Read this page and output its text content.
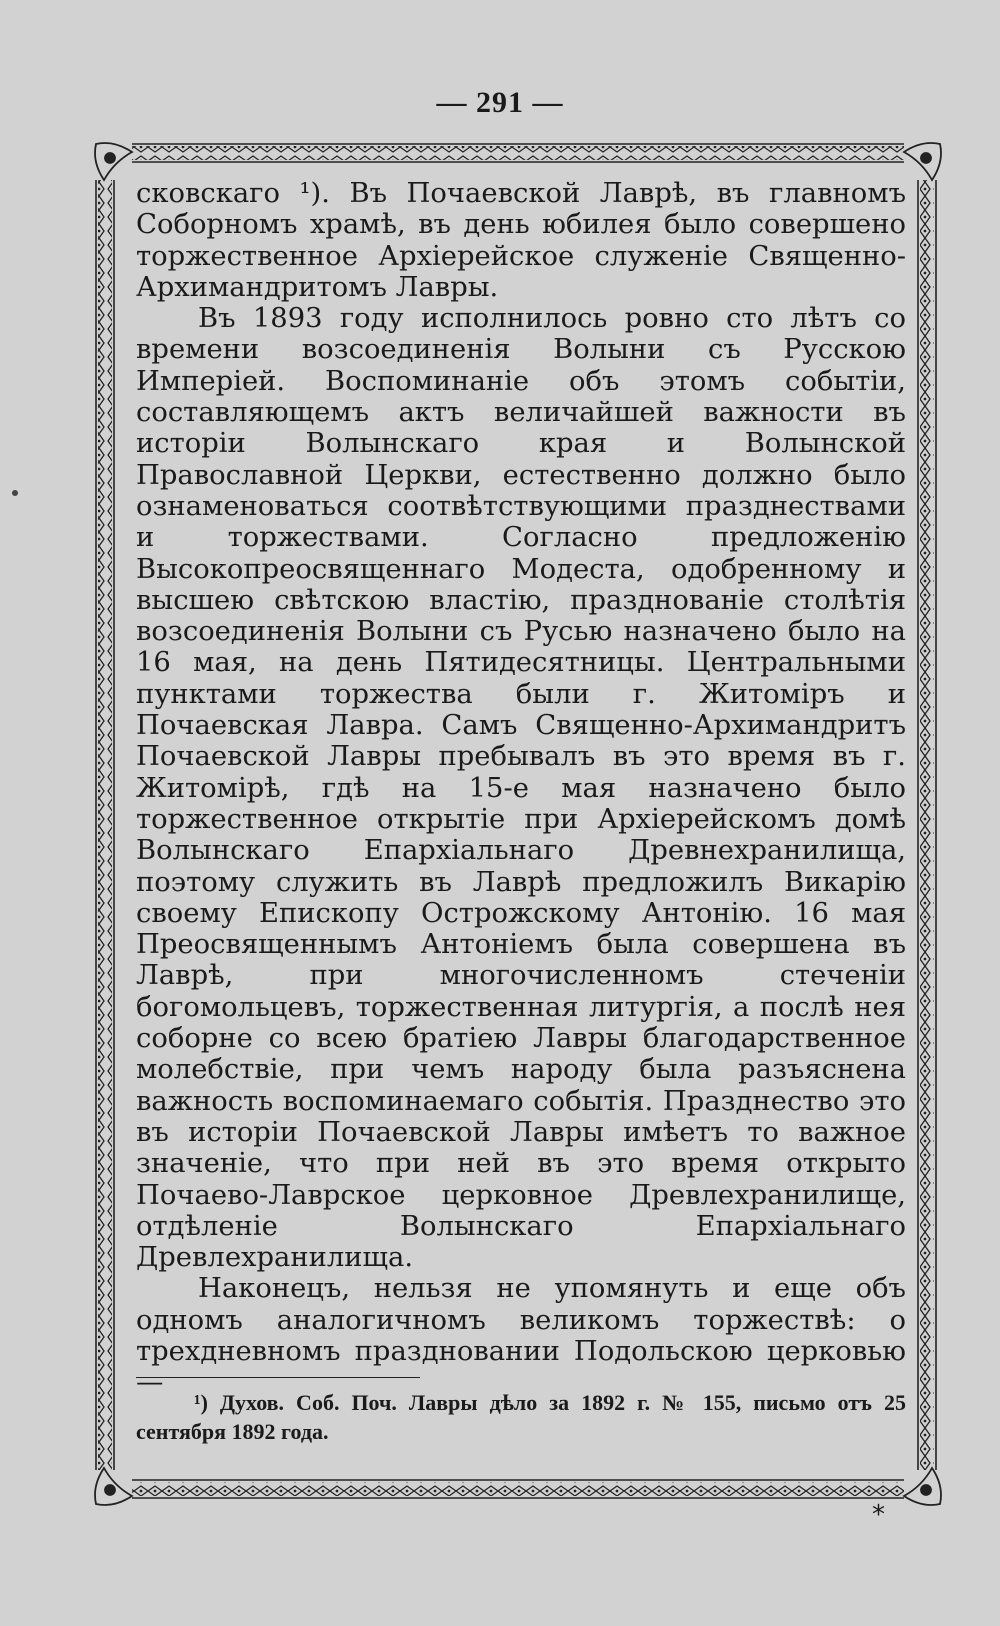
— 291 —

сковскаго ¹). Въ Почаевской Лаврѣ, въ главномъ Соборномъ храмѣ, въ день юбилея было совершено торжественное Архіерейское служеніе Священно-Архимандритомъ Лавры.

Въ 1893 году исполнилось ровно сто лѣтъ со времени возсоединенія Волыни съ Русскою Имперіей. Воспоминаніе объ этомъ событіи, составляющемъ актъ величайшей важности въ исторіи Волынскаго края и Волынской Православной Церкви, естественно должно было ознаменоваться соотвѣтствующими празднествами и торжествами. Согласно предложенію Высокопреосвященнаго Модеста, одобренному и высшею свѣтскою властію, празднованіе столѣтія возсоединенія Волыни съ Русью назначено было на 16 мая, на день Пятидесятницы. Центральными пунктами торжества были г. Житоміръ и Почаевская Лавра. Самъ Священно-Архимандритъ Почаевской Лавры пребывалъ въ это время въ г. Житомірѣ, гдѣ на 15-е мая назначено было торжественное открытіе при Архіерейскомъ домѣ Волынскаго Епархіальнаго Древнехранилища, поэтому служить въ Лаврѣ предложилъ Викарію своему Епископу Острожскому Антонію. 16 мая Преосвященнымъ Антоніемъ была совершена въ Лаврѣ, при многочисленномъ стеченіи богомольцевъ, торжественная литургія, а послѣ нея соборне со всею братіею Лавры благодарственное молебствіе, при чемъ народу была разъяснена важность воспоминаемаго событія. Празднество это въ исторіи Почаевской Лавры имѣетъ то важное значеніе, что при ней въ это время открыто Почаево-Лаврское церковное Древлехранилище, отдѣленіе Волынскаго Епархіальнаго Древлехранилища.

Наконецъ, нельзя не упомянуть и еще объ одномъ аналогичномъ великомъ торжествѣ: о трехдневномъ праздновании Подольскою церковью—

¹) Духов. Соб. Поч. Лавры дѣло за 1892 г. № 155, письмо отъ 25 сентября 1892 года.
*
